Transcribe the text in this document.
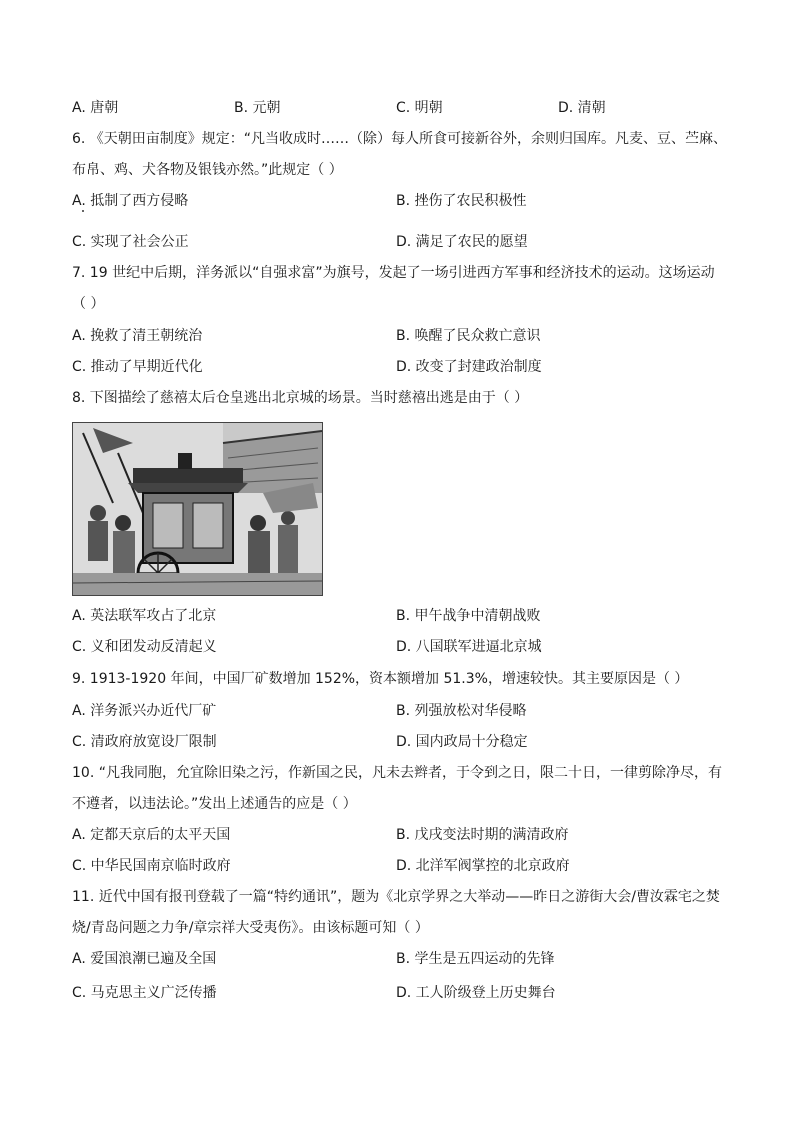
A. 唐朝	B. 元朝	C. 明朝	D. 清朝
6. 《天朝田亩制度》规定：“凡当收成时……（除）每人所食可接新谷外，余则归国库。凡麦、豆、苎麻、
布帛、鸡、犬各物及银钱亦然。”此规定（ ）
A. 抵制了西方侵略	B. 挫伤了农民积极性
C. 实现了社会公正	D. 满足了农民的愿望
7. 19 世纪中后期，洋务派以“自强求富”为旗号，发起了一场引进西方军事和经济技术的运动。这场运动
（ ）
A. 挽救了清王朝统治	B. 唤醒了民众救亡意识
C. 推动了早期近代化	D. 改变了封建政治制度
8. 下图描绘了慈禧太后仓皇逃出北京城的场景。当时慈禧出逃是由于（ ）
A. 英法联军攻占了北京	B. 甲午战争中清朝战败
C. 义和团发动反清起义	D. 八国联军进逼北京城
9. 1913-1920 年间，中国厂矿数增加 152%，资本额增加 51.3%，增速较快。其主要原因是（ ）
A. 洋务派兴办近代厂矿	B. 列强放松对华侵略
C. 清政府放宽设厂限制	D. 国内政局十分稳定
10. “凡我同胞，允宜除旧染之污，作新国之民，凡未去辫者，于令到之日，限二十日，一律剪除净尽，有
不遵者，以违法论。”发出上述通告的应是（ ）
A. 定都天京后的太平天国	B. 戊戌变法时期的满清政府
C. 中华民国南京临时政府	D. 北洋军阀掌控的北京政府
11. 近代中国有报刊登载了一篇“特约通讯”，题为《北京学界之大举动——昨日之游街大会/曹汝霖宅之焚
烧/青岛问题之力争/章宗祥大受夷伤》。由该标题可知（ ）
A. 爱国浪潮已遍及全国	B. 学生是五四运动的先锋
C. 马克思主义广泛传播	D. 工人阶级登上历史舞台
